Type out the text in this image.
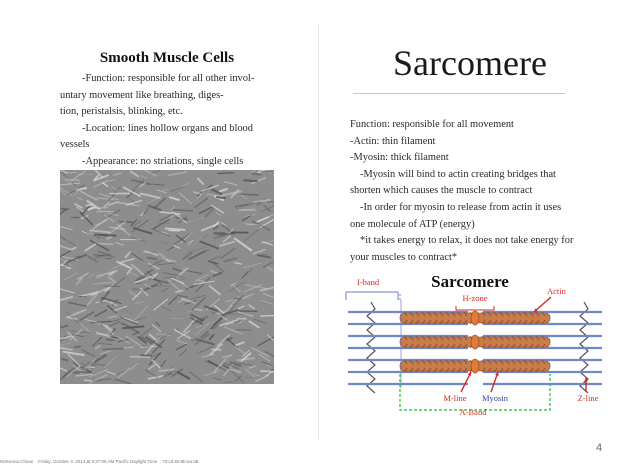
Smooth Muscle Cells

-Function: responsible for all other invol-

untary movement like breathing, diges-

tion, peristalsis, blinking, etc.

-Location: lines hollow organs and blood

vessels

-Appearance: no striations, single cells

Sarcomere

Function: responsible for all movement

-Actin: thin filament

-Myosin: thick filament

-Myosin will bind to actin creating bridges that

shorten which causes the muscle to contract

-In order for myosin to release from actin it uses

one molecule of ATP (energy)

*it takes energy to relax, it does not take energy for

your muscles to contract*

Sarcomere
I-band
H-zone
Actin
M-line Myosin	Z-line
A-Band
4
McKenna Chase    Friday, October 3, 2014 at 9:37:05 AM Pacific Daylight Time    70:cd:60:8b:ea:a8
